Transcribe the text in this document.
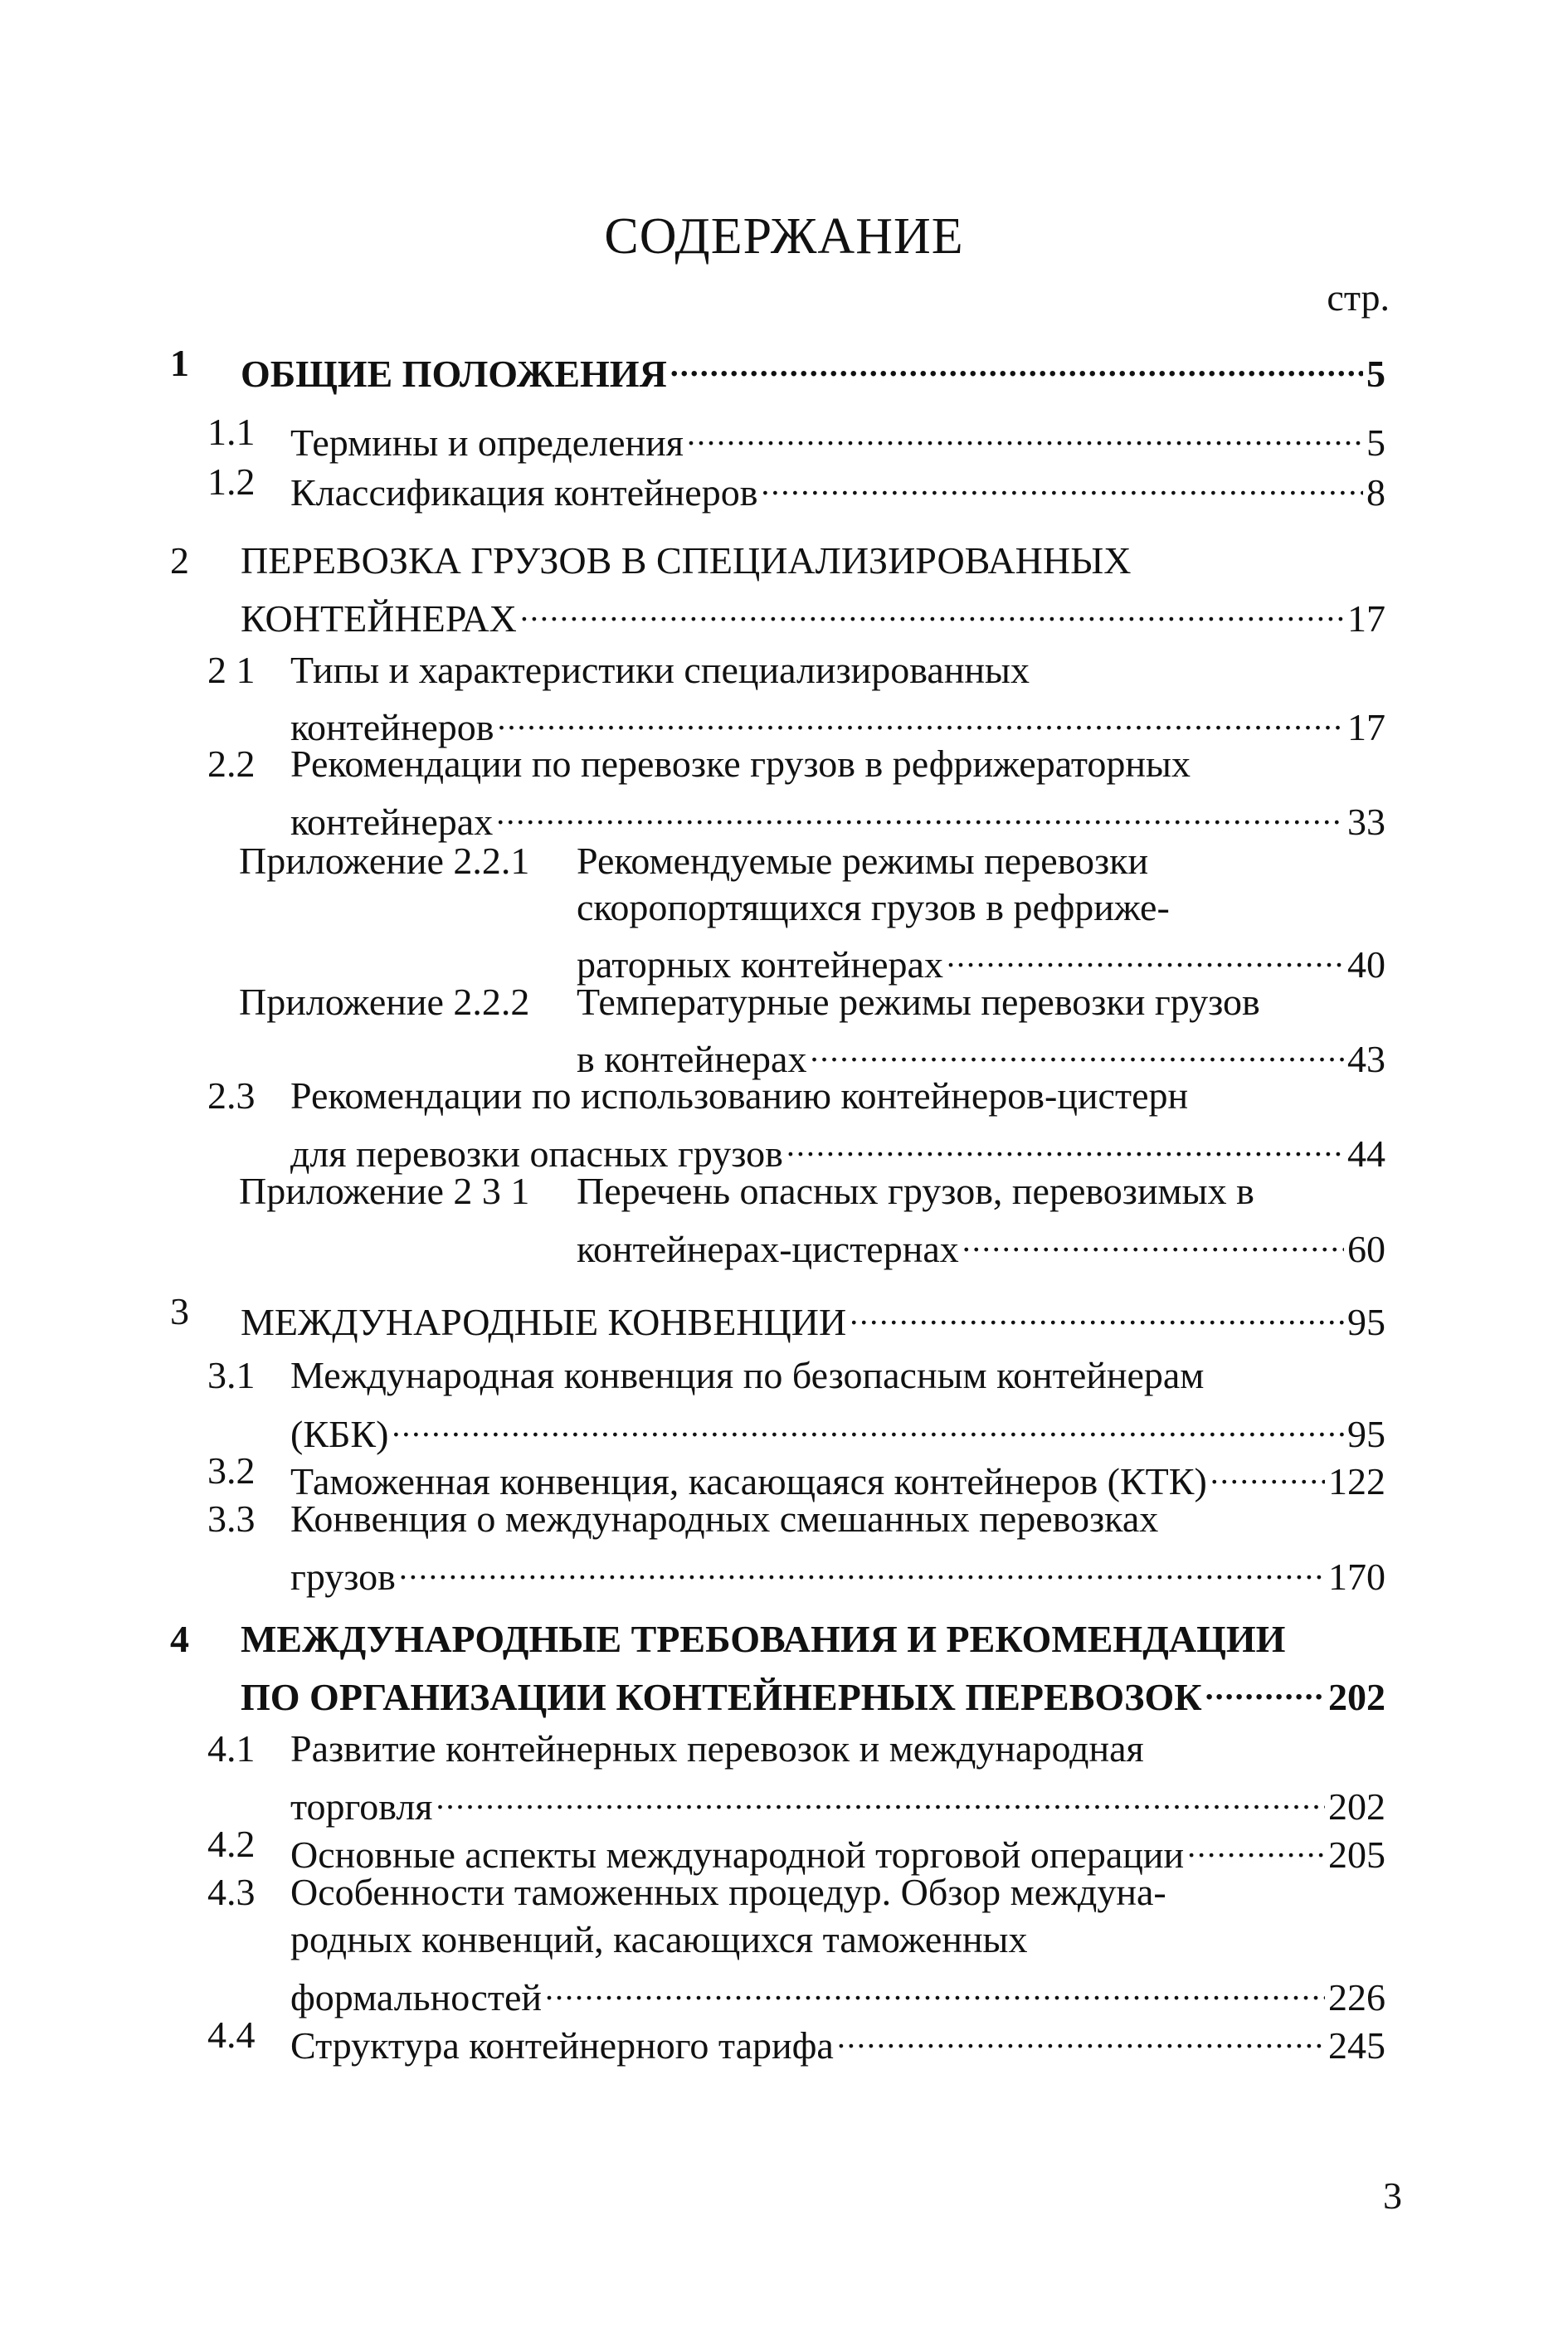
СОДЕРЖАНИЕ
стр.
1 ОБЩИЕ ПОЛОЖЕНИЯ .....	5
1.1 Термины и определения .....	5
1.2 Классификация контейнеров .....	8
2 ПЕРЕВОЗКА ГРУЗОВ В СПЕЦИАЛИЗИРОВАННЫХ
КОНТЕЙНЕРАХ .....	17
2 1 Типы и характеристики специализированных
контейнеров .....	17
2.2 Рекомендации по перевозке грузов в рефрижераторных
контейнерах .....	33
Приложение 2.2.1 Рекомендуемые режимы перевозки
скоропортящихся грузов в рефриже-
раторных контейнерах .....	40
Приложение 2.2.2 Температурные режимы перевозки грузов
в контейнерах .....	43
2.3 Рекомендации по использованию контейнеров-цистерн
для перевозки опасных грузов .....	44
Приложение 2 3 1 Перечень опасных грузов, перевозимых в
контейнерах-цистернах .....	60
3 МЕЖДУНАРОДНЫЕ КОНВЕНЦИИ .....	95
3.1 Международная конвенция по безопасным контейнерам
(КБК) .....	95
3.2 Таможенная конвенция, касающаяся контейнеров (КТК) .....	122
3.3 Конвенция о международных смешанных перевозках
грузов .....	170
4 МЕЖДУНАРОДНЫЕ ТРЕБОВАНИЯ И РЕКОМЕНДАЦИИ
ПО ОРГАНИЗАЦИИ КОНТЕЙНЕРНЫХ ПЕРЕВОЗОК .....	202
4.1 Развитие контейнерных перевозок и международная
торговля .....	202
4.2 Основные аспекты международной торговой операции .....	205
4.3 Особенности таможенных процедур. Обзор междуна-
родных конвенций, касающихся таможенных
формальностей .....	226
4.4 Структура контейнерного тарифа .....	245
3
